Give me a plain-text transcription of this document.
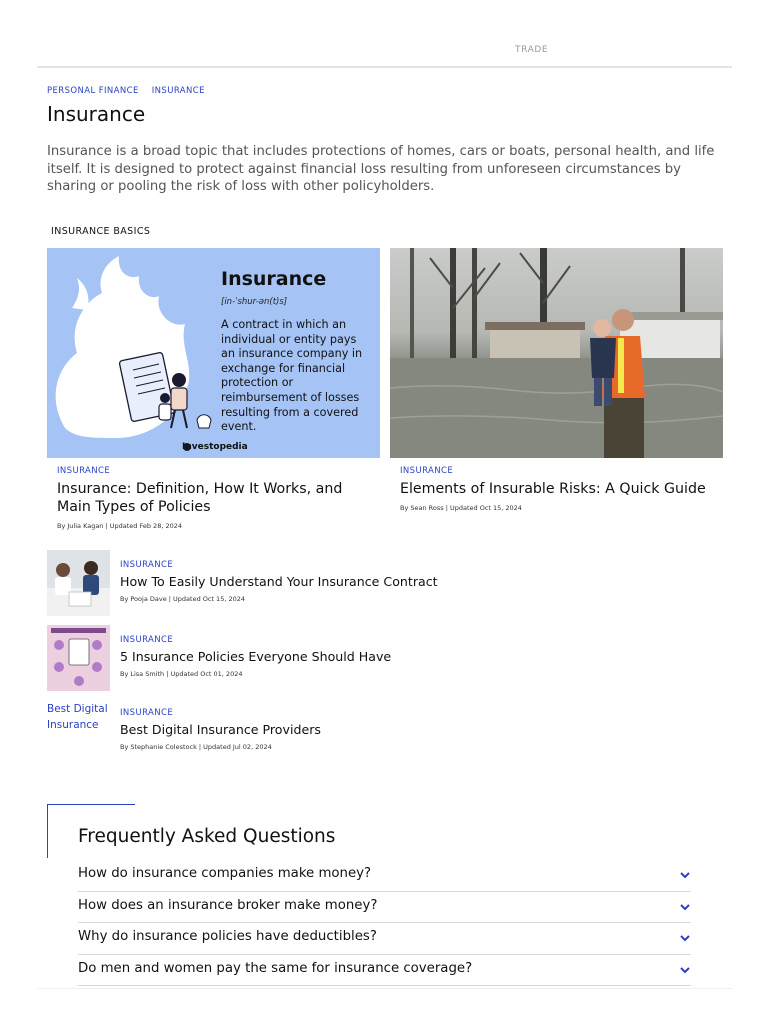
TRADE
PERSONAL FINANCE INSURANCE
Insurance

Insurance is a broad topic that includes protections of homes, cars or boats, personal health, and life itself. It is designed to protect against financial loss resulting from unforeseen circumstances by sharing or pooling the risk of loss with other policyholders.

INSURANCE BASICS
Insurance
[in-ˈshur-ən(t)s]
A contract in which an individual or entity pays an insurance company in exchange for financial protection or reimbursement of losses resulting from a covered event.
Investopedia
INSURANCE
Insurance: Definition, How It Works, and Main Types of Policies
By Julia Kagan | Updated Feb 28, 2024
INSURANCE
Elements of Insurable Risks: A Quick Guide
By Sean Ross | Updated Oct 15, 2024
INSURANCE
How To Easily Understand Your Insurance Contract
By Pooja Dave | Updated Oct 15, 2024
INSURANCE
5 Insurance Policies Everyone Should Have
By Lisa Smith | Updated Oct 01, 2024
Best Digital Insurance
INSURANCE
Best Digital Insurance Providers
By Stephanie Colestock | Updated Jul 02, 2024
Frequently Asked Questions
How do insurance companies make money?
How does an insurance broker make money?
Why do insurance policies have deductibles?
Do men and women pay the same for insurance coverage?
